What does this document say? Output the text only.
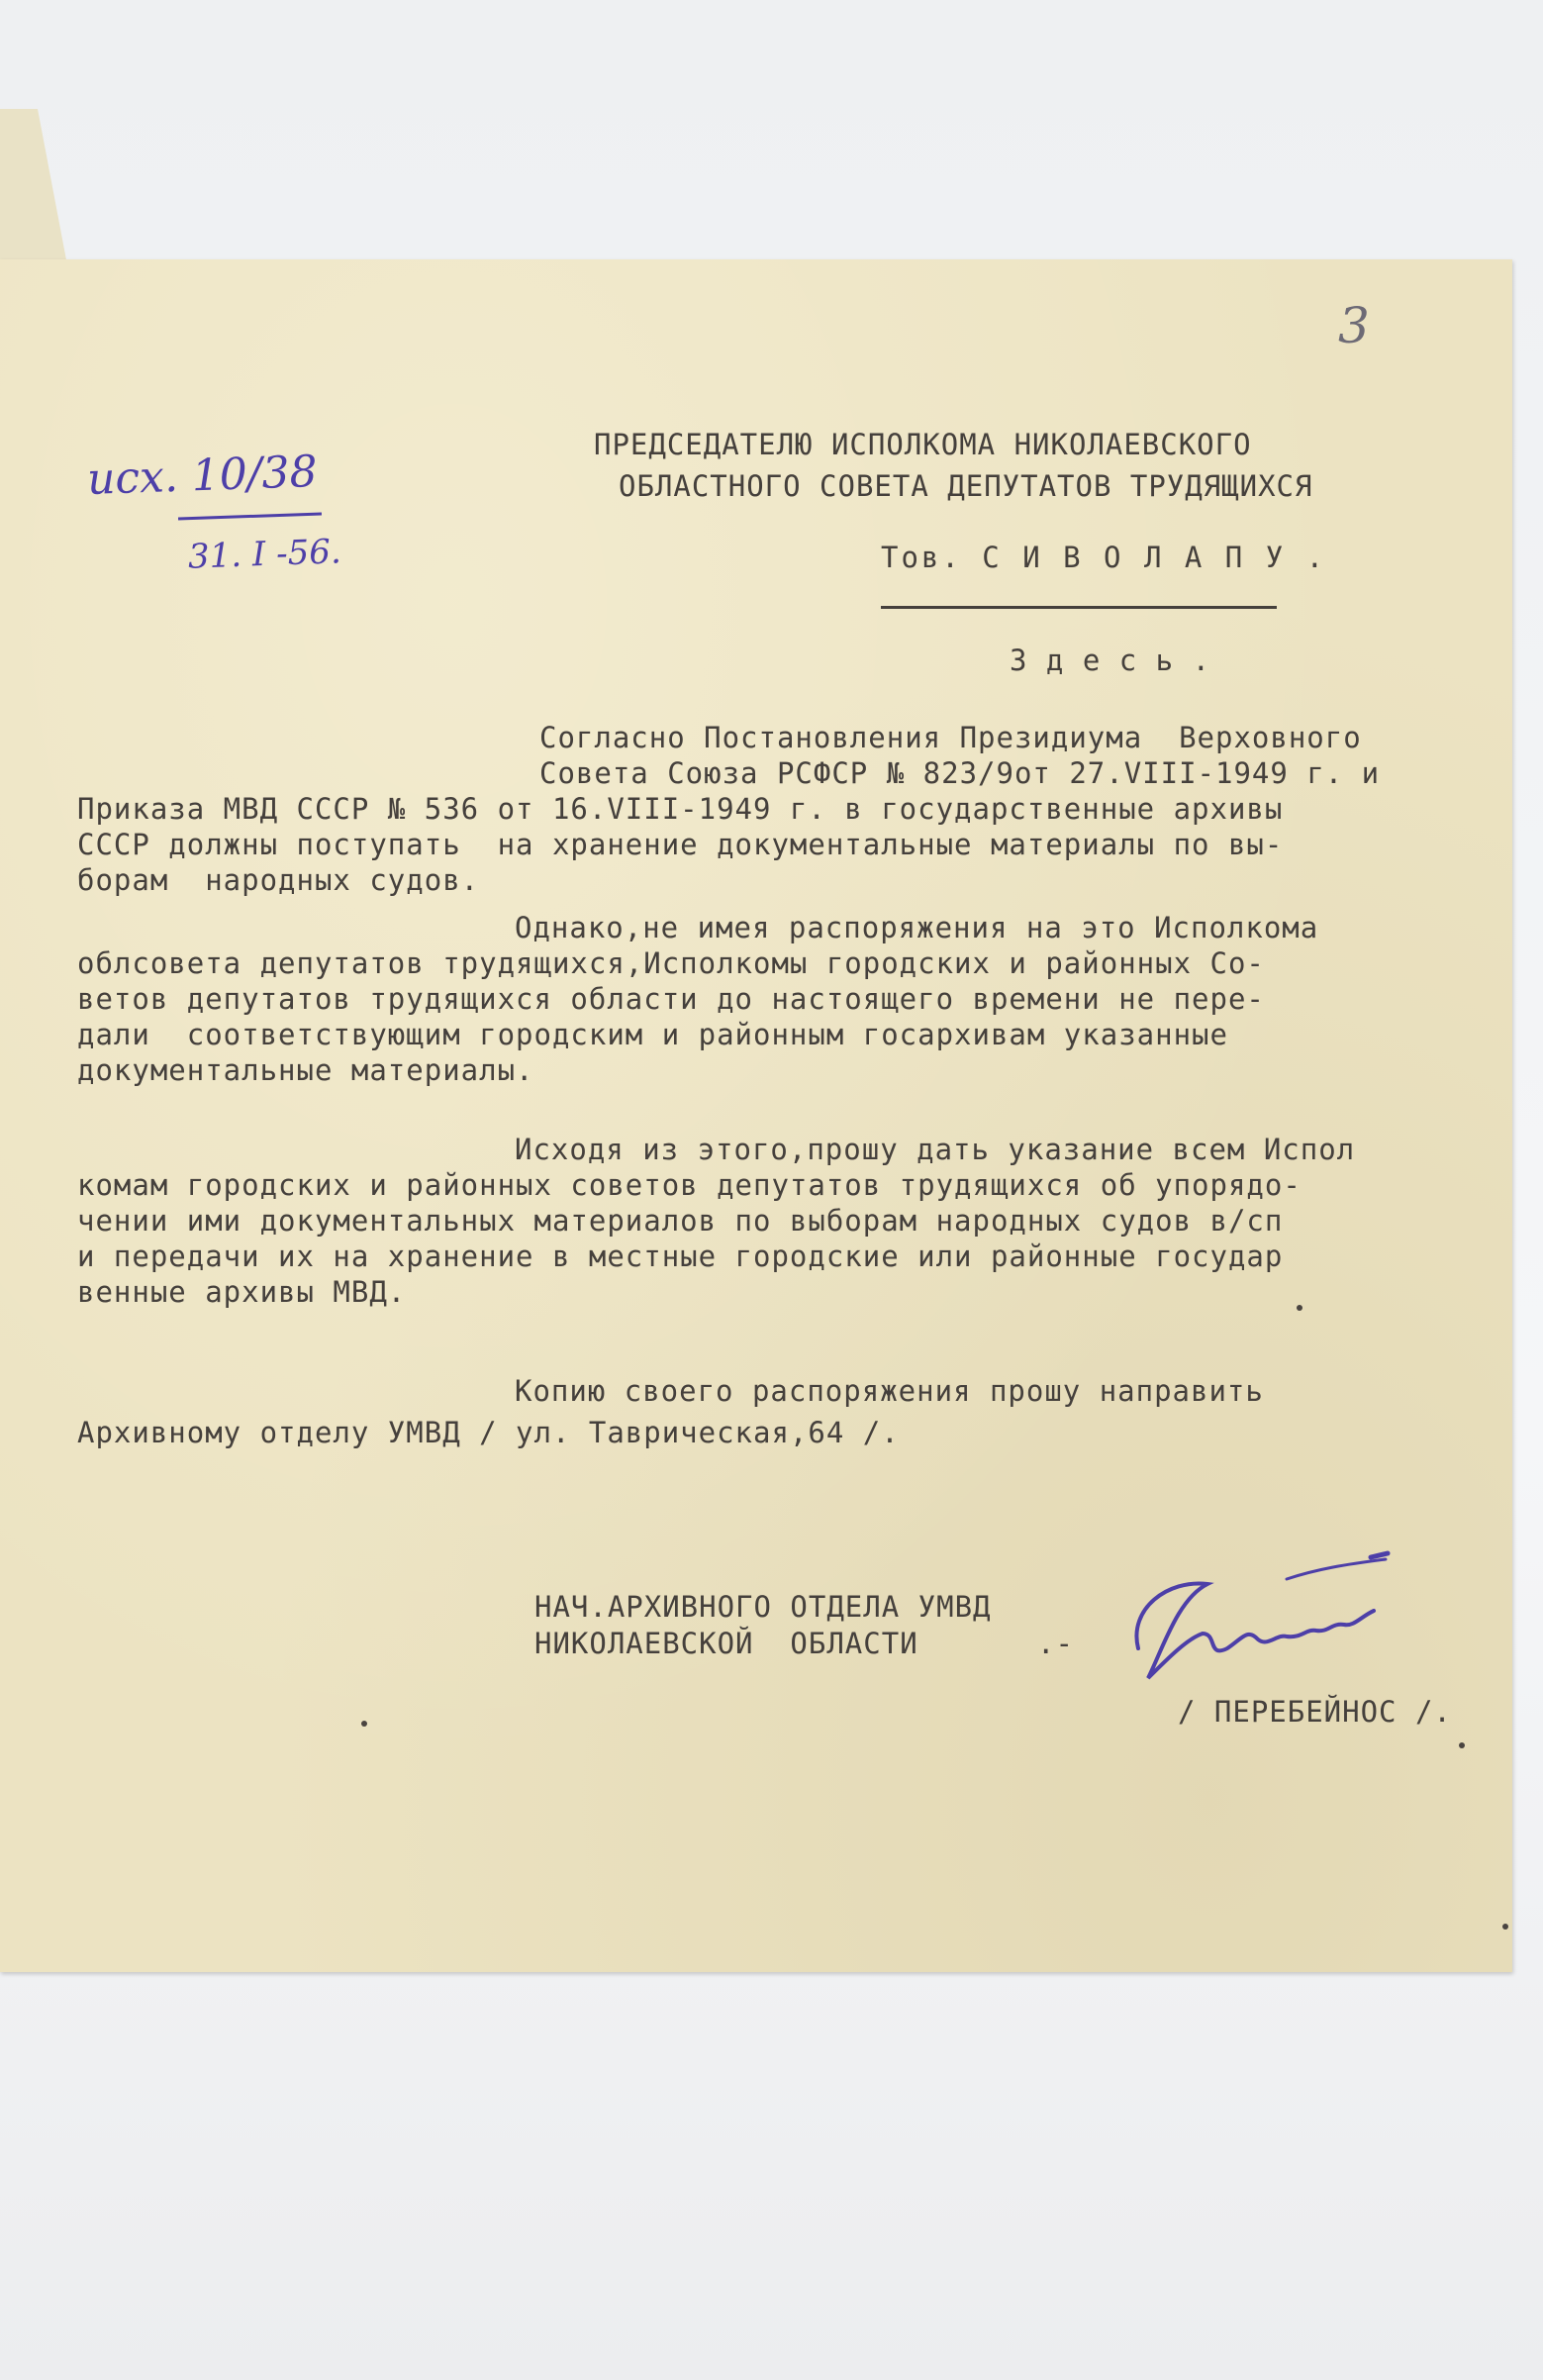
3
исх. 10/38
31. I -56.
ПРЕДСЕДАТЕЛЮ ИСПОЛКОМА НИКОЛАЕВСКОГО
ОБЛАСТНОГО СОВЕТА ДЕПУТАТОВ ТРУДЯЩИХСЯ
Тов. С И В О Л А П У .
З д е с ь .
Согласно Постановления Президиума  Верховного
Совета Союза РСФСР № 823/9от 27.VIII-1949 г. и
Приказа МВД СССР № 536 от 16.VIII-1949 г. в государственные архивы
СССР должны поступать  на хранение документальные материалы по вы-
борам  народных судов.
Однако,не имея распоряжения на это Исполкома
облсовета депутатов трудящихся,Исполкомы городских и районных Со-
ветов депутатов трудящихся области до настоящего времени не пере-
дали  соответствующим городским и районным госархивам указанные
документальные материалы.
Исходя из этого,прошу дать указание всем Испол
комам городских и районных советов депутатов трудящихся об упорядо-
чении ими документальных материалов по выборам народных судов в/сп
и передачи их на хранение в местные городские или районные государ
венные архивы МВД.
Копию своего распоряжения прошу направить
Архивному отделу УМВД / ул. Таврическая,64 /.
НАЧ.АРХИВНОГО ОТДЕЛА УМВД
НИКОЛАЕВСКОЙ  ОБЛАСТИ	.-
/ ПЕРЕБЕЙНОС /.
